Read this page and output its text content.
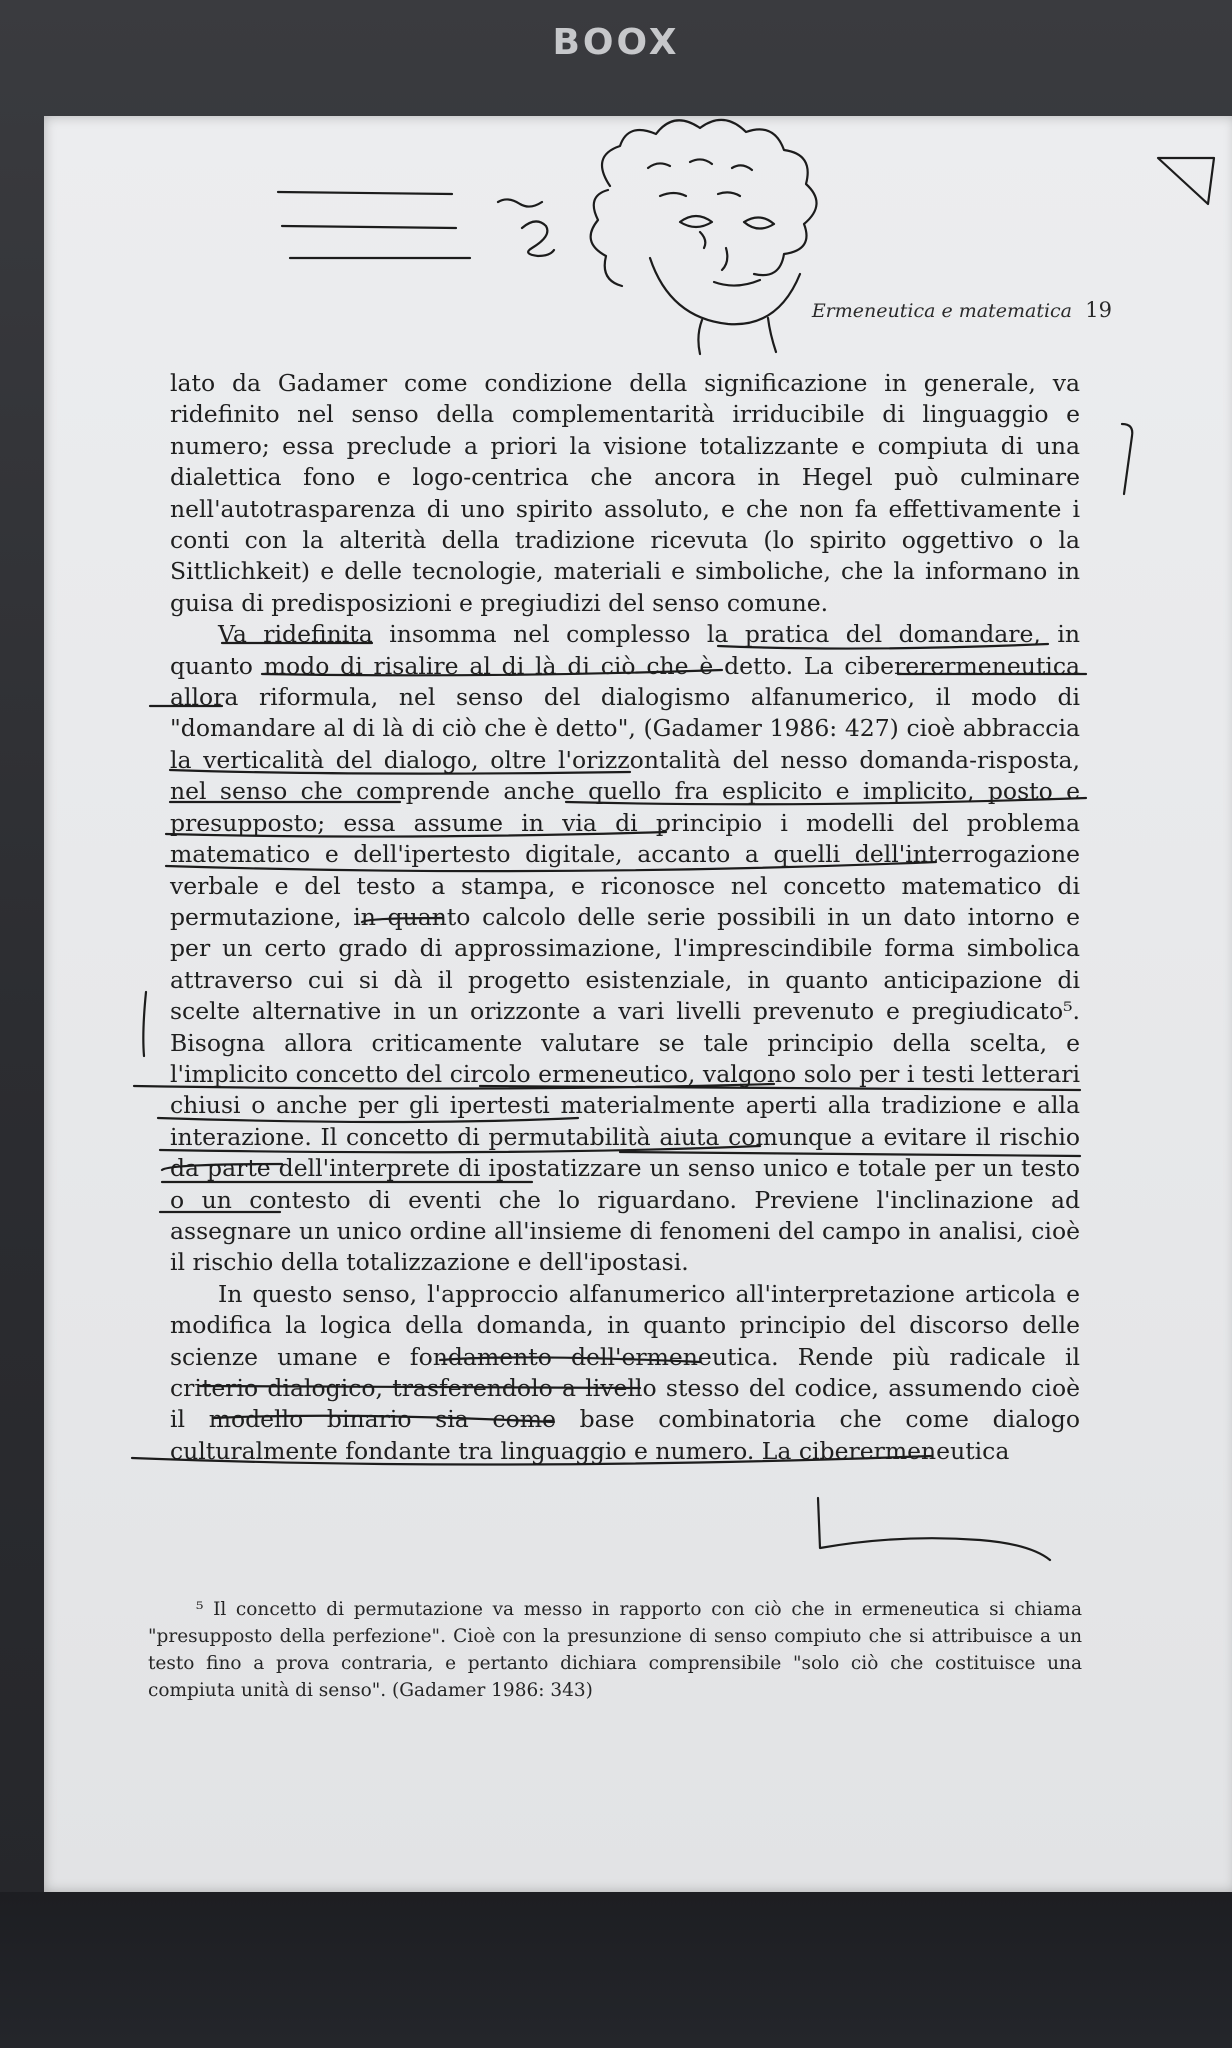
BOOX
Ermeneutica e matematica 19

lato da Gadamer come condizione della significazione in generale, va ridefinito nel senso della complementarità irriducibile di linguaggio e numero; essa preclude a priori la visione totalizzante e compiuta di una dialettica fono e logo-centrica che ancora in Hegel può culminare nell'autotrasparenza di uno spirito assoluto, e che non fa effettivamente i conti con la alterità della tradizione ricevuta (lo spirito oggettivo o la Sittlichkeit) e delle tecnologie, materiali e simboliche, che la informano in guisa di predisposizioni e pregiudizi del senso comune.

Va ridefinita insomma nel complesso la pratica del domandare, in quanto modo di risalire al di là di ciò che è detto. La cibererermeneutica allora riformula, nel senso del dialogismo alfanumerico, il modo di "domandare al di là di ciò che è detto", (Gadamer 1986: 427) cioè abbraccia la verticalità del dialogo, oltre l'orizzontalità del nesso domanda-risposta, nel senso che comprende anche quello fra esplicito e implicito, posto e presupposto; essa assume in via di principio i modelli del problema matematico e dell'ipertesto digitale, accanto a quelli dell'interrogazione verbale e del testo a stampa, e riconosce nel concetto matematico di permutazione, in quanto calcolo delle serie possibili in un dato intorno e per un certo grado di approssimazione, l'imprescindibile forma simbolica attraverso cui si dà il progetto esistenziale, in quanto anticipazione di scelte alternative in un orizzonte a vari livelli prevenuto e pregiudicato⁵. Bisogna allora criticamente valutare se tale principio della scelta, e l'implicito concetto del circolo ermeneutico, valgono solo per i testi letterari chiusi o anche per gli ipertesti materialmente aperti alla tradizione e alla interazione. Il concetto di permutabilità aiuta comunque a evitare il rischio da parte dell'interprete di ipostatizzare un senso unico e totale per un testo o un contesto di eventi che lo riguardano. Previene l'inclinazione ad assegnare un unico ordine all'insieme di fenomeni del campo in analisi, cioè il rischio della totalizzazione e dell'ipostasi.

In questo senso, l'approccio alfanumerico all'interpretazione articola e modifica la logica della domanda, in quanto principio del discorso delle scienze umane e fondamento dell'ermeneutica. Rende più radicale il criterio dialogico, trasferendolo a livello stesso del codice, assumendo cioè il modello binario sia come base combinatoria che come dialogo culturalmente fondante tra linguaggio e numero. La ciberermeneutica

⁵ Il concetto di permutazione va messo in rapporto con ciò che in ermeneutica si chiama "presupposto della perfezione". Cioè con la presunzione di senso compiuto che si attribuisce a un testo fino a prova contraria, e pertanto dichiara comprensibile "solo ciò che costituisce una compiuta unità di senso". (Gadamer 1986: 343)
